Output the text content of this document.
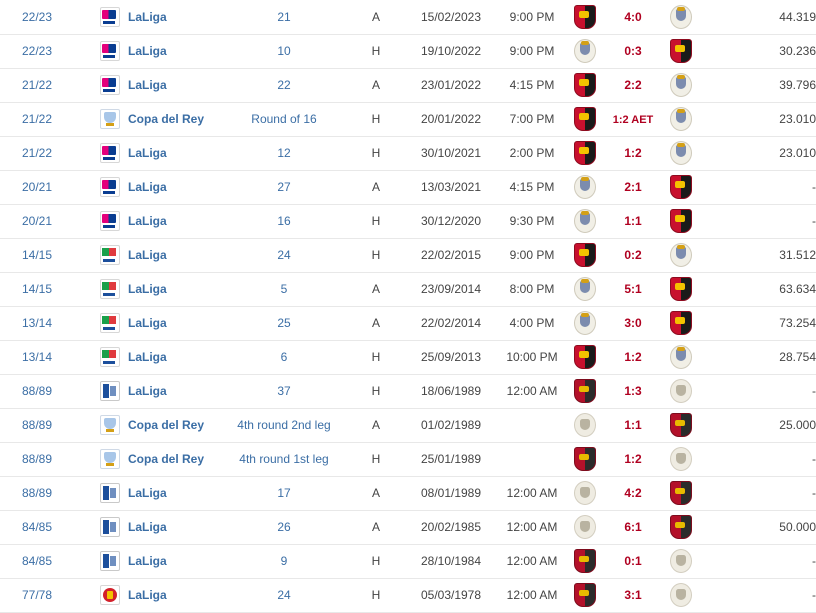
22/23	LaLiga	21	A	15/02/2023	9:00 PM		4:0		44.319
22/23	LaLiga	10	H	19/10/2022	9:00 PM		0:3		30.236
21/22	LaLiga	22	A	23/01/2022	4:15 PM		2:2		39.796
21/22	Copa del Rey	Round of 16	H	20/01/2022	7:00 PM		1:2 AET		23.010
21/22	LaLiga	12	H	30/10/2021	2:00 PM		1:2		23.010
20/21	LaLiga	27	A	13/03/2021	4:15 PM		2:1		-
20/21	LaLiga	16	H	30/12/2020	9:30 PM		1:1		-
14/15	LaLiga	24	H	22/02/2015	9:00 PM		0:2		31.512
14/15	LaLiga	5	A	23/09/2014	8:00 PM		5:1		63.634
13/14	LaLiga	25	A	22/02/2014	4:00 PM		3:0		73.254
13/14	LaLiga	6	H	25/09/2013	10:00 PM		1:2		28.754
88/89	LaLiga	37	H	18/06/1989	12:00 AM		1:3		-
88/89	Copa del Rey	4th round 2nd leg	A	01/02/1989			1:1		25.000
88/89	Copa del Rey	4th round 1st leg	H	25/01/1989			1:2		-
88/89	LaLiga	17	A	08/01/1989	12:00 AM		4:2		-
84/85	LaLiga	26	A	20/02/1985	12:00 AM		6:1		50.000
84/85	LaLiga	9	H	28/10/1984	12:00 AM		0:1		-
77/78	LaLiga	24	H	05/03/1978	12:00 AM		3:1		-
